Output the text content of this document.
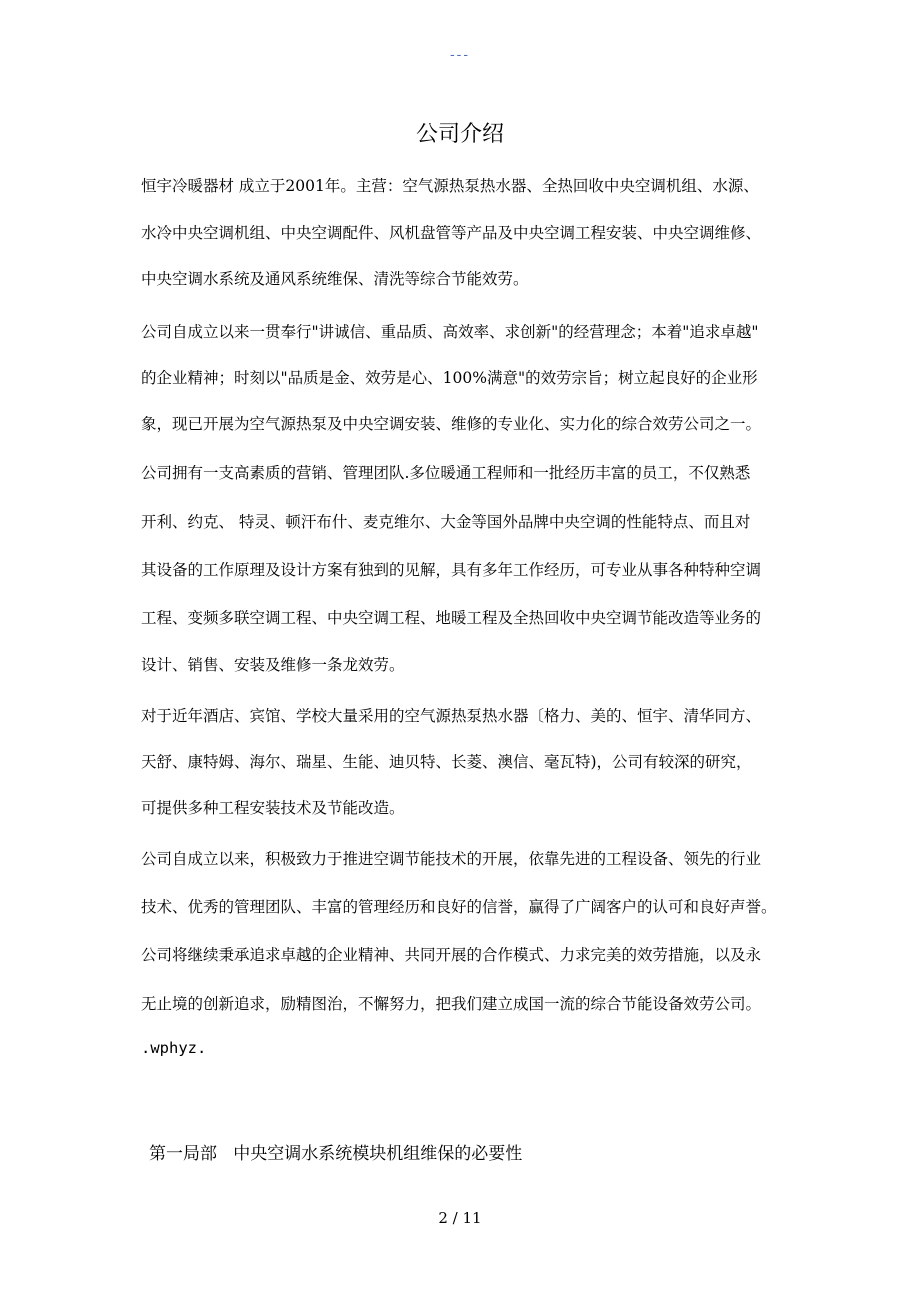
---
公司介绍
恒宇冷暖器材 成立于2001年。主营：空气源热泵热水器、全热回收中央空调机组、水源、
水冷中央空调机组、中央空调配件、风机盘管等产品及中央空调工程安装、中央空调维修、
中央空调水系统及通风系统维保、清洗等综合节能效劳。
公司自成立以来一贯奉行"讲诚信、重品质、高效率、求创新"的经营理念；本着"追求卓越"
的企业精神；时刻以"品质是金、效劳是心、100%满意"的效劳宗旨；树立起良好的企业形
象，现已开展为空气源热泵及中央空调安装、维修的专业化、实力化的综合效劳公司之一。
公司拥有一支高素质的营销、管理团队.多位暖通工程师和一批经历丰富的员工，不仅熟悉
开利、约克、 特灵、顿汗布什、麦克维尔、大金等国外品牌中央空调的性能特点、而且对
其设备的工作原理及设计方案有独到的见解，具有多年工作经历，可专业从事各种特种空调
工程、变频多联空调工程、中央空调工程、地暖工程及全热回收中央空调节能改造等业务的
设计、销售、安装及维修一条龙效劳。
对于近年酒店、宾馆、学校大量采用的空气源热泵热水器〔格力、美的、恒宇、清华同方、
天舒、康特姆、海尔、瑞星、生能、迪贝特、长菱、澳信、毫瓦特)，公司有较深的研究，
可提供多种工程安装技术及节能改造。
公司自成立以来，积极致力于推进空调节能技术的开展，依靠先进的工程设备、领先的行业
技术、优秀的管理团队、丰富的管理经历和良好的信誉，赢得了广阔客户的认可和良好声誉。
公司将继续秉承追求卓越的企业精神、共同开展的合作模式、力求完美的效劳措施，以及永
无止境的创新追求，励精图治，不懈努力，把我们建立成国一流的综合节能设备效劳公司。
.wphyz.
第一局部   中央空调水系统模块机组维保的必要性
2 / 11
